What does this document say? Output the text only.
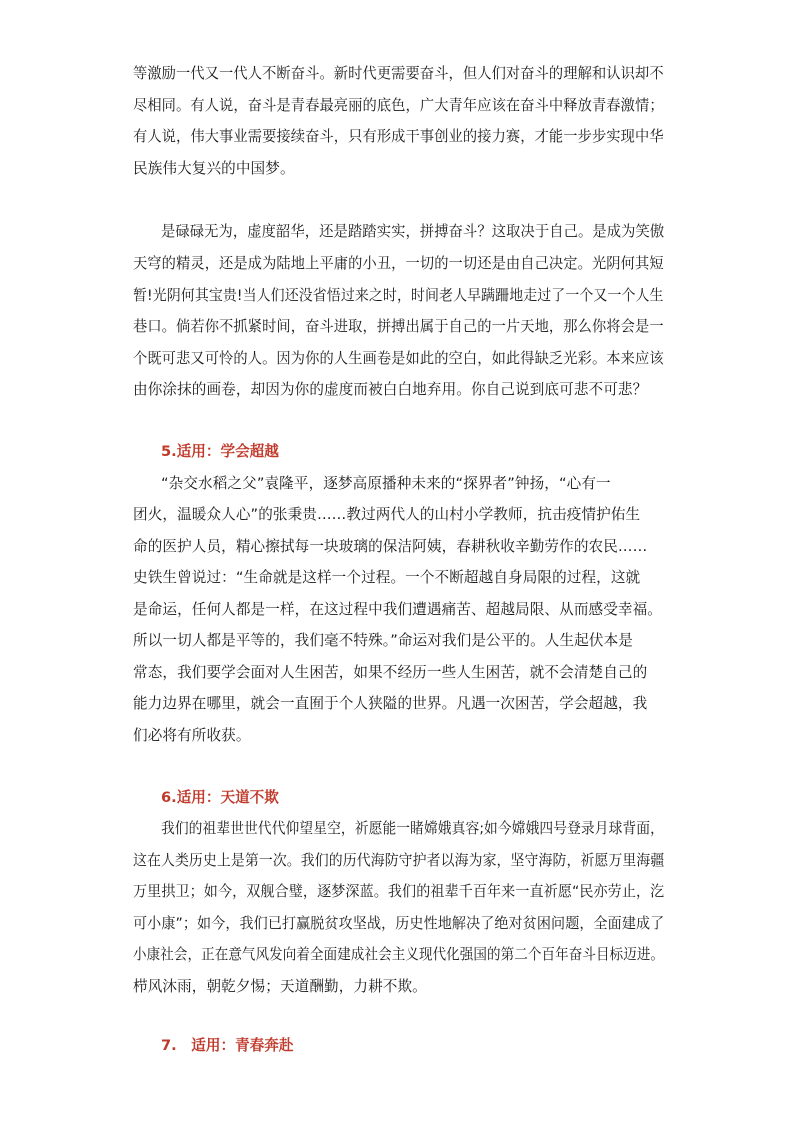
等激励一代又一代人不断奋斗。新时代更需要奋斗，但人们对奋斗的理解和认识却不
尽相同。有人说，奋斗是青春最亮丽的底色，广大青年应该在奋斗中释放青春激情；
有人说，伟大事业需要接续奋斗，只有形成干事创业的接力赛，才能一步步实现中华
民族伟大复兴的中国梦。
是碌碌无为，虚度韶华，还是踏踏实实，拼搏奋斗？这取决于自己。是成为笑傲
天穹的精灵，还是成为陆地上平庸的小丑，一切的一切还是由自己决定。光阴何其短
暂!光阴何其宝贵!当人们还没省悟过来之时，时间老人早蹒跚地走过了一个又一个人生
巷口。倘若你不抓紧时间，奋斗进取，拼搏出属于自己的一片天地，那么你将会是一
个既可悲又可怜的人。因为你的人生画卷是如此的空白，如此得缺乏光彩。本来应该
由你涂抹的画卷，却因为你的虚度而被白白地弃用。你自己说到底可悲不可悲？
5.适用：学会超越
“杂交水稻之父”袁隆平，逐梦高原播种未来的“探界者”钟扬，“心有一
团火，温暖众人心”的张秉贵……教过两代人的山村小学教师，抗击疫情护佑生
命的医护人员，精心擦拭每一块玻璃的保洁阿姨，春耕秋收辛勤劳作的农民……
史铁生曾说过：“生命就是这样一个过程。一个不断超越自身局限的过程，这就
是命运，任何人都是一样，在这过程中我们遭遇痛苦、超越局限、从而感受幸福。
所以一切人都是平等的，我们毫不特殊。”命运对我们是公平的。人生起伏本是
常态，我们要学会面对人生困苦，如果不经历一些人生困苦，就不会清楚自己的
能力边界在哪里，就会一直囿于个人狭隘的世界。凡遇一次困苦，学会超越，我
们必将有所收获。
6.适用：天道不欺
我们的祖辈世世代代仰望星空，祈愿能一睹嫦娥真容;如今嫦娥四号登录月球背面，
这在人类历史上是第一次。我们的历代海防守护者以海为家，坚守海防，祈愿万里海疆
万里拱卫；如今，双舰合璧，逐梦深蓝。我们的祖辈千百年来一直祈愿“民亦劳止，汔
可小康”；如今，我们已打赢脱贫攻坚战，历史性地解决了绝对贫困问题，全面建成了
小康社会，正在意气风发向着全面建成社会主义现代化强国的第二个百年奋斗目标迈进。
栉风沐雨，朝乾夕惕；天道酬勤，力耕不欺。
7.　适用：青春奔赴
